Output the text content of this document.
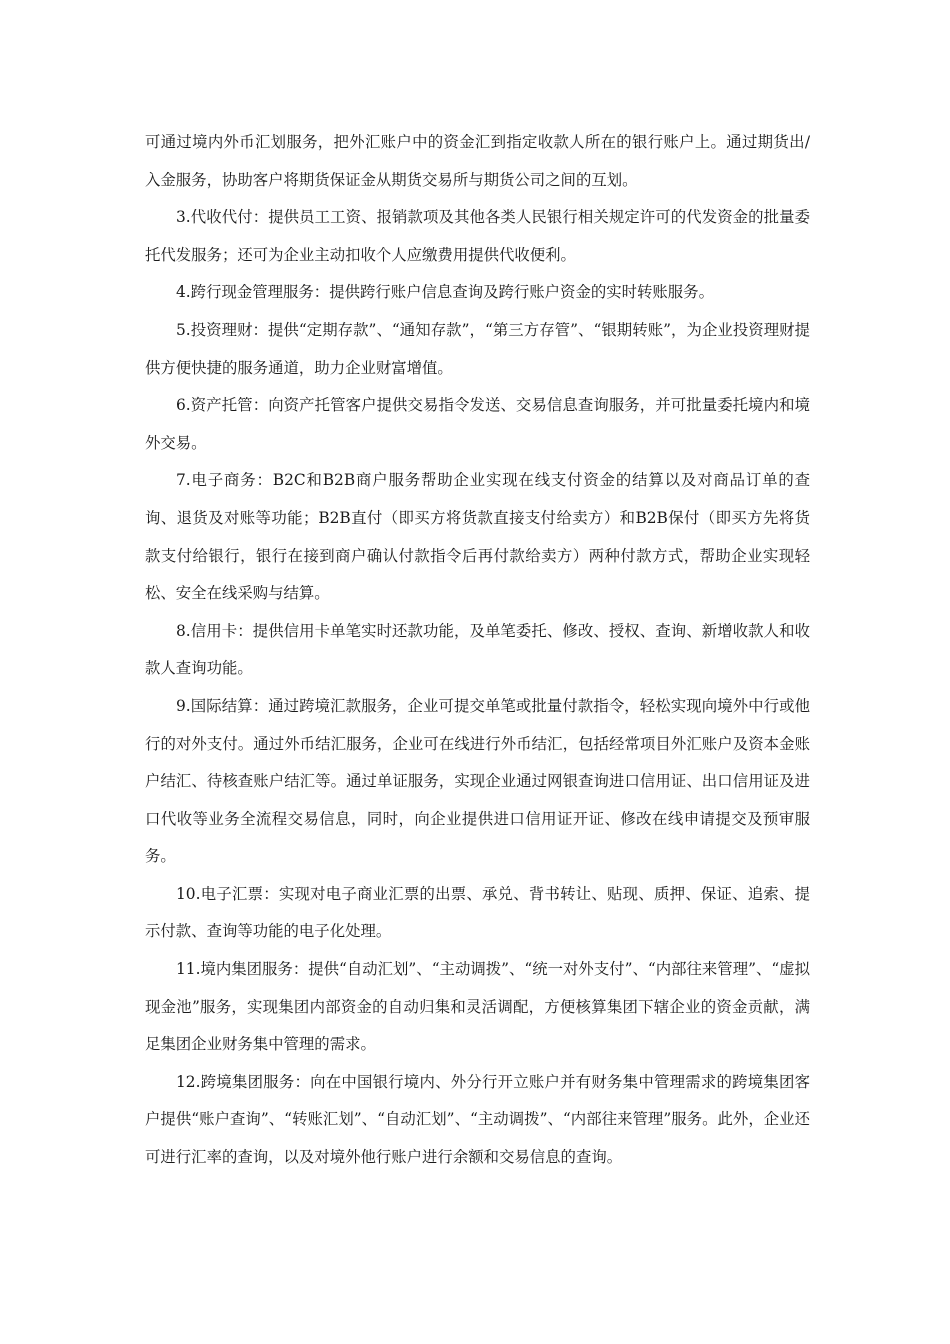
可通过境内外币汇划服务，把外汇账户中的资金汇到指定收款人所在的银行账户上。通过期货出/入金服务，协助客户将期货保证金从期货交易所与期货公司之间的互划。

3.代收代付：提供员工工资、报销款项及其他各类人民银行相关规定许可的代发资金的批量委托代发服务；还可为企业主动扣收个人应缴费用提供代收便利。

4.跨行现金管理服务：提供跨行账户信息查询及跨行账户资金的实时转账服务。

5.投资理财：提供“定期存款”、“通知存款”，“第三方存管”、“银期转账”，为企业投资理财提供方便快捷的服务通道，助力企业财富增值。

6.资产托管：向资产托管客户提供交易指令发送、交易信息查询服务，并可批量委托境内和境外交易。

7.电子商务：B2C和B2B商户服务帮助企业实现在线支付资金的结算以及对商品订单的查询、退货及对账等功能；B2B直付（即买方将货款直接支付给卖方）和B2B保付（即买方先将货款支付给银行，银行在接到商户确认付款指令后再付款给卖方）两种付款方式，帮助企业实现轻松、安全在线采购与结算。

8.信用卡：提供信用卡单笔实时还款功能，及单笔委托、修改、授权、查询、新增收款人和收款人查询功能。

9.国际结算：通过跨境汇款服务，企业可提交单笔或批量付款指令，轻松实现向境外中行或他行的对外支付。通过外币结汇服务，企业可在线进行外币结汇，包括经常项目外汇账户及资本金账户结汇、待核查账户结汇等。通过单证服务，实现企业通过网银查询进口信用证、出口信用证及进口代收等业务全流程交易信息，同时，向企业提供进口信用证开证、修改在线申请提交及预审服务。

10.电子汇票：实现对电子商业汇票的出票、承兑、背书转让、贴现、质押、保证、追索、提示付款、查询等功能的电子化处理。

11.境内集团服务：提供“自动汇划”、“主动调拨”、“统一对外支付”、“内部往来管理”、“虚拟现金池”服务，实现集团内部资金的自动归集和灵活调配，方便核算集团下辖企业的资金贡献，满足集团企业财务集中管理的需求。

12.跨境集团服务：向在中国银行境内、外分行开立账户并有财务集中管理需求的跨境集团客户提供“账户查询”、“转账汇划”、“自动汇划”、“主动调拨”、“内部往来管理”服务。此外，企业还可进行汇率的查询，以及对境外他行账户进行余额和交易信息的查询。
